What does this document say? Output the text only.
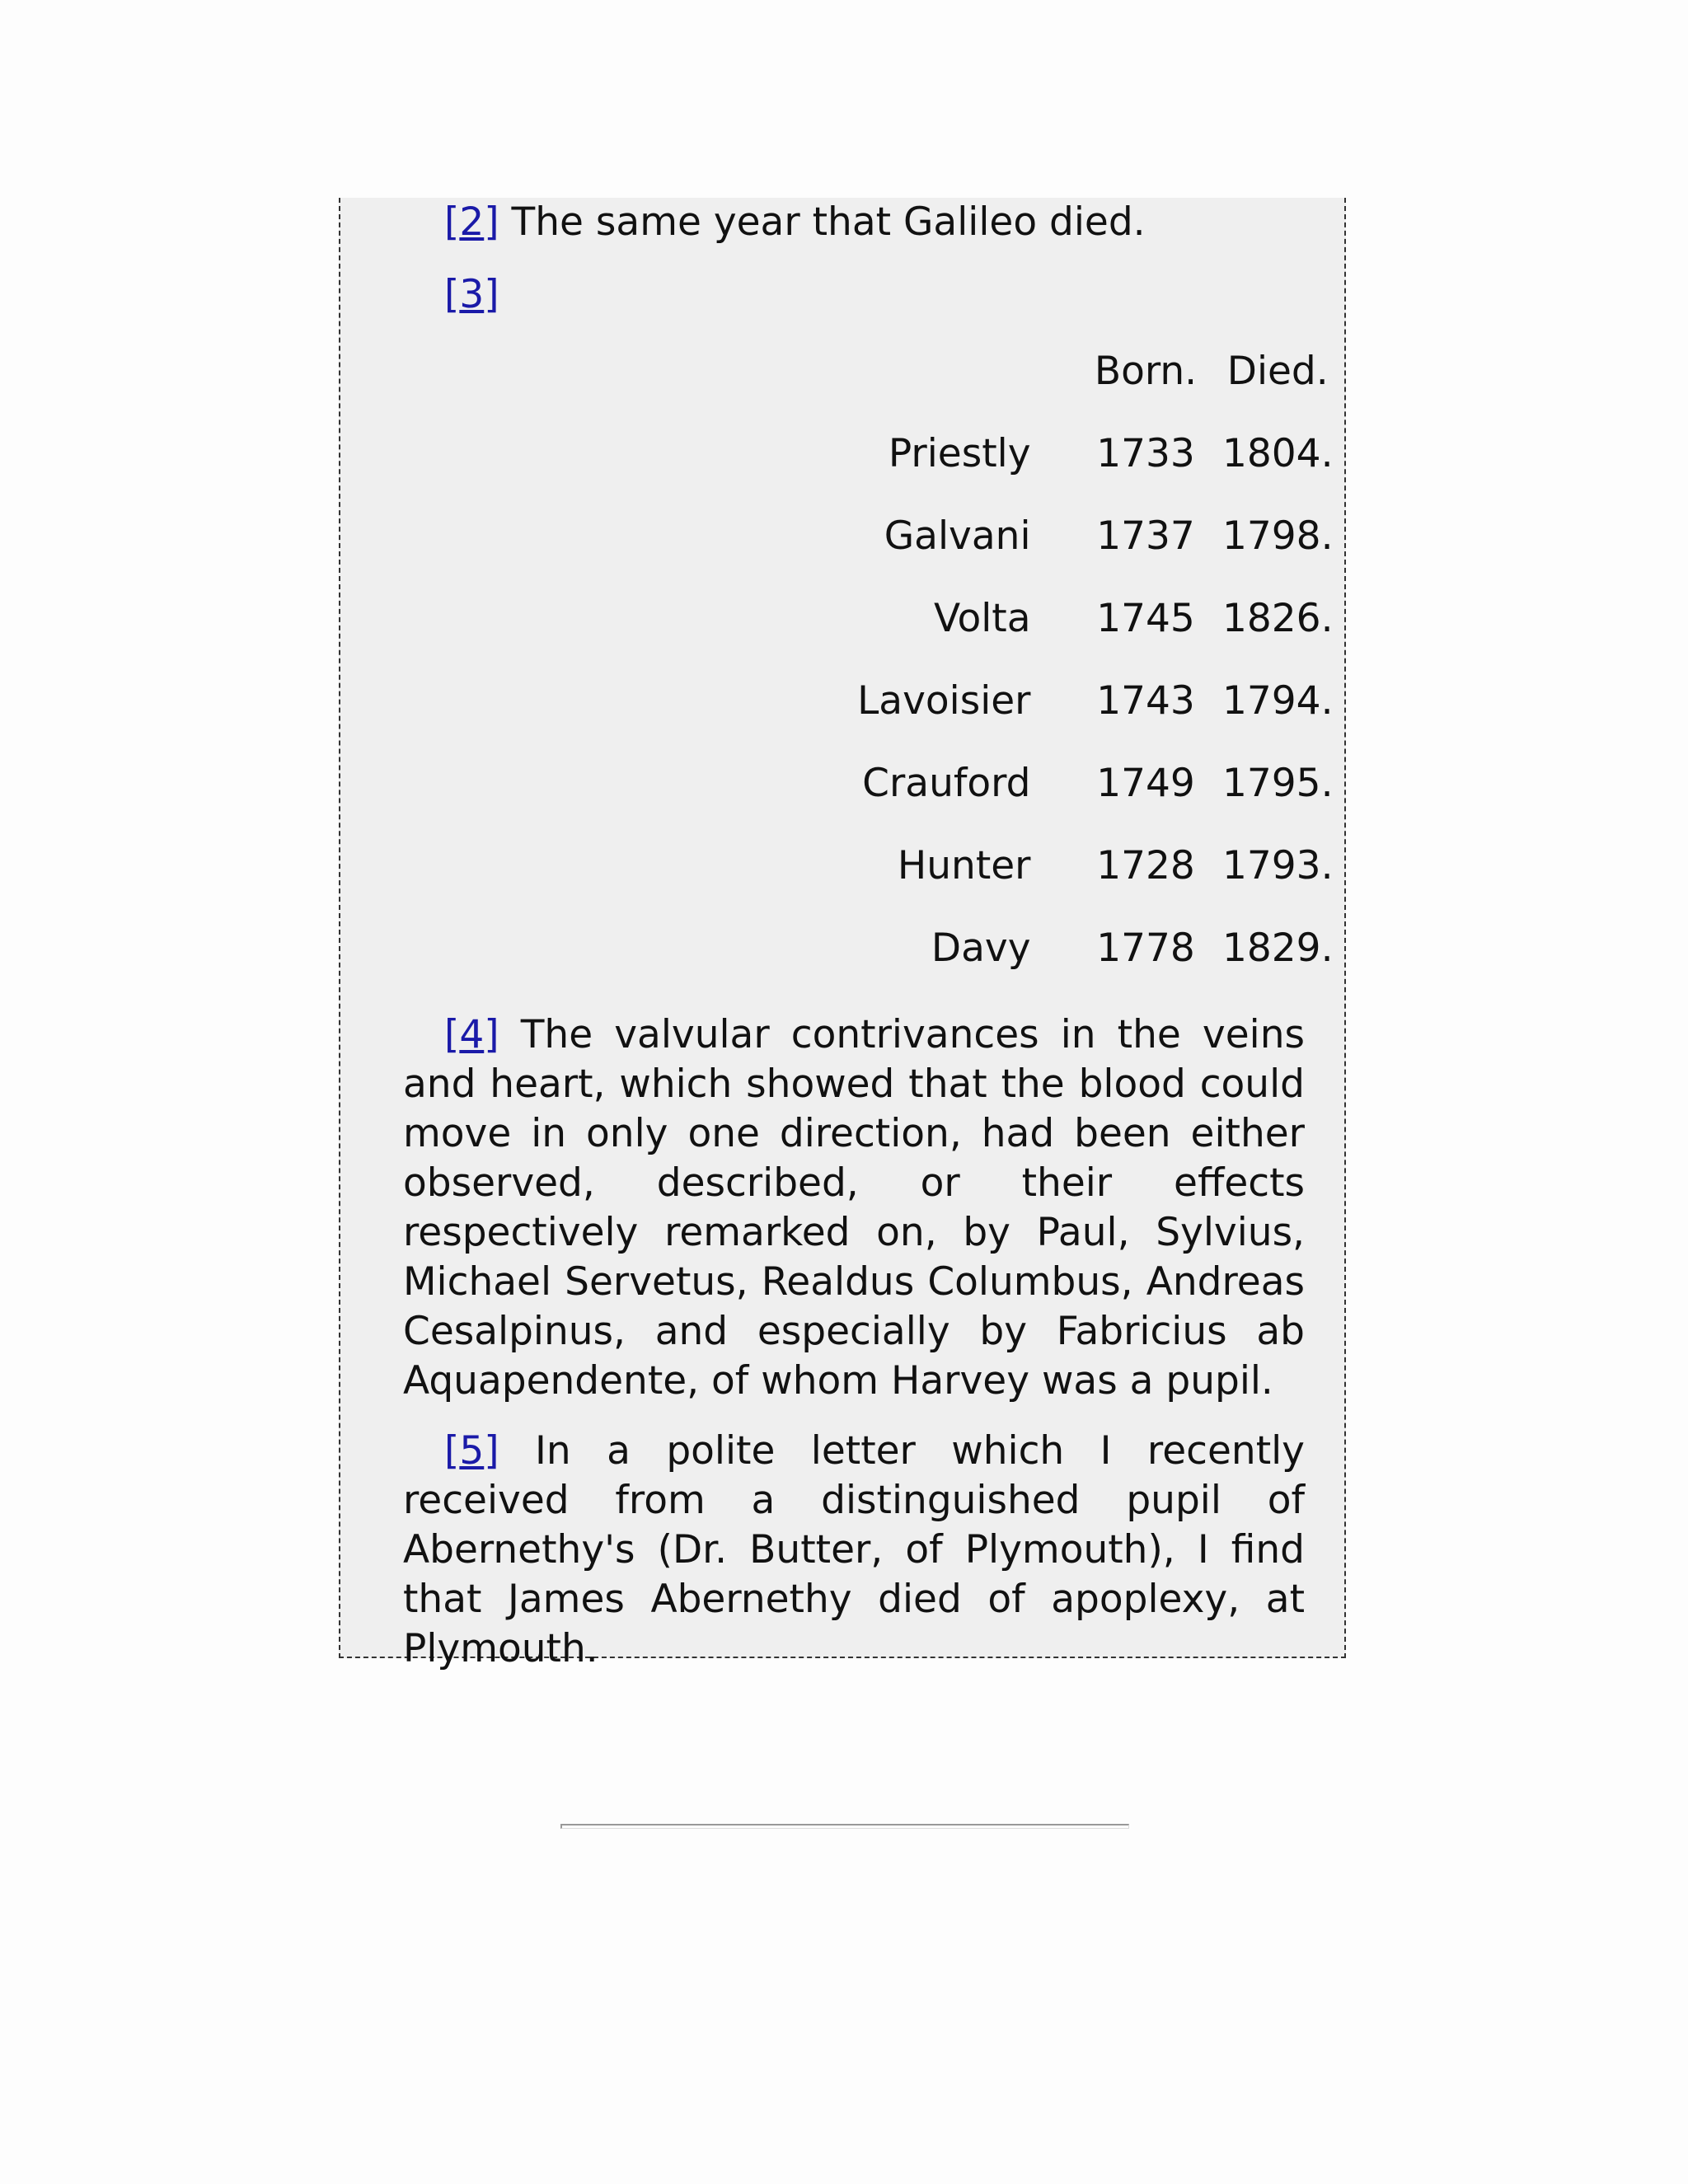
[2] The same year that Galileo died.

[3]

	Born.	Died.
Priestly	1733	1804.
Galvani	1737	1798.
Volta	1745	1826.
Lavoisier	1743	1794.
Crauford	1749	1795.
Hunter	1728	1793.
Davy	1778	1829.

[4] The valvular contrivances in the veins and heart, which showed that the blood could move in only one direction, had been either observed, described, or their effects respectively remarked on, by Paul, Sylvius, Michael Servetus, Realdus Columbus, Andreas Cesalpinus, and especially by Fabricius ab Aquapendente, of whom Harvey was a pupil.

[5] In a polite letter which I recently received from a distinguished pupil of Abernethy's (Dr. Butter, of Plymouth), I find that James Abernethy died of apoplexy, at Plymouth.
